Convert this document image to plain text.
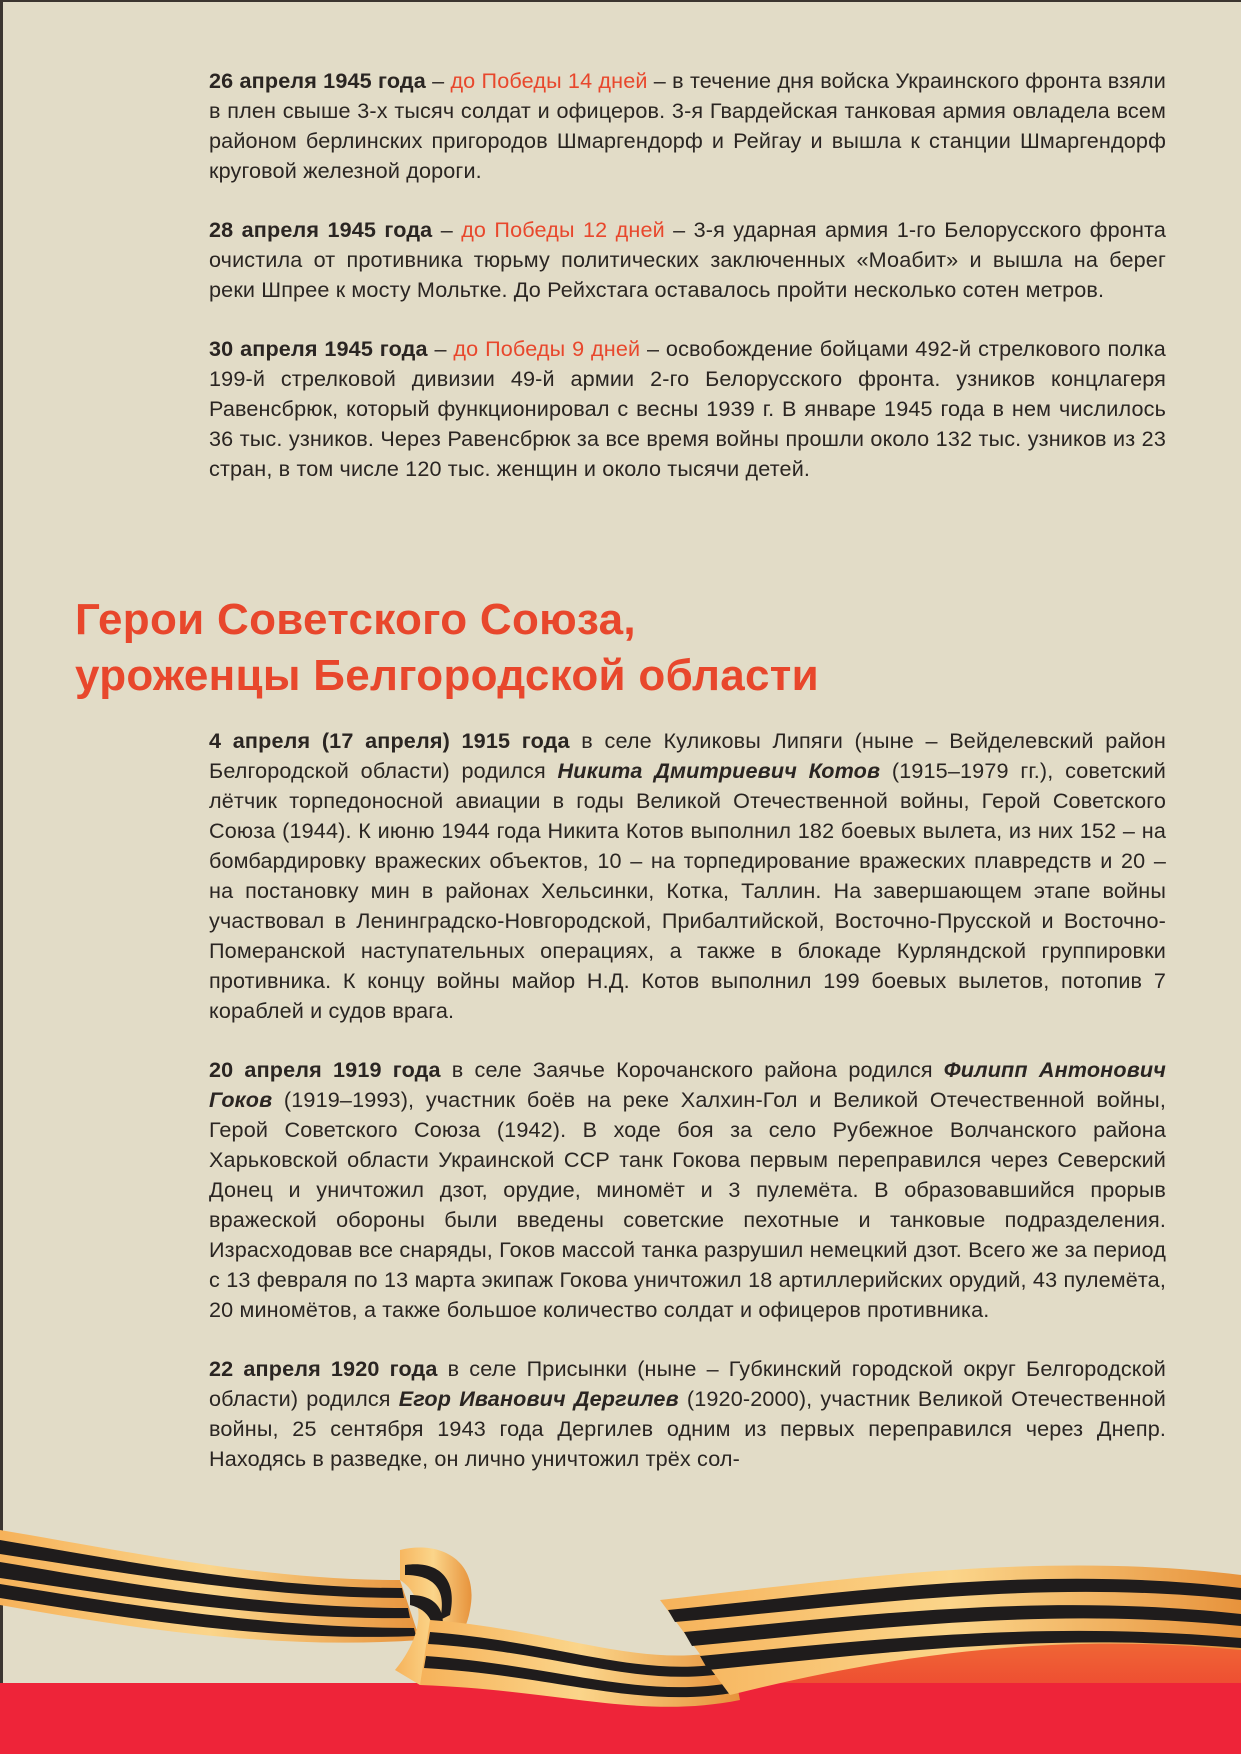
26 апреля 1945 года – до Победы 14 дней – в течение дня войска Украинского фронта взяли в плен свыше 3-х тысяч солдат и офицеров. 3-я Гвардейская танковая армия овладела всем районом берлинских пригородов Шмаргендорф и Рейгау и вышла к станции Шмаргендорф круговой железной дороги.

28 апреля 1945 года – до Победы 12 дней – 3-я ударная армия 1-го Белорусского фронта очистила от противника тюрьму политических заключенных «Моабит» и вышла на берег реки Шпрее к мосту Мольтке. До Рейхстага оставалось пройти несколько сотен метров.

30 апреля 1945 года – до Победы 9 дней – освобождение бойцами 492-й стрелкового полка 199-й стрелковой дивизии 49-й армии 2-го Белорусского фронта. узников концлагеря Равенсбрюк, который функционировал с весны 1939 г. В январе 1945 года в нем числилось 36 тыс. узников. Через Равенсбрюк за все время войны прошли около 132 тыс. узников из 23 стран, в том числе 120 тыс. женщин и около тысячи детей.

Герои Советского Союза,
уроженцы Белгородской области

4 апреля (17 апреля) 1915 года в селе Куликовы Липяги (ныне – Вейделевский район Белгородской области) родился Никита Дмитриевич Котов (1915–1979 гг.), советский лётчик торпедоносной авиации в годы Великой Отечественной войны, Герой Советского Союза (1944). К июню 1944 года Никита Котов выполнил 182 боевых вылета, из них 152 – на бомбардировку вражеских объектов, 10 – на торпедирование вражеских плавредств и 20 – на постановку мин в районах Хельсинки, Котка, Таллин. На завершающем этапе войны участвовал в Ленинградско-Новгородской, Прибалтийской, Восточно-Прусской и Восточно-Померанской наступательных операциях, а также в блокаде Курляндской группировки противника. К концу войны майор Н.Д. Котов выполнил 199 боевых вылетов, потопив 7 кораблей и судов врага.

20 апреля 1919 года в селе Заячье Корочанского района родился Филипп Антонович Гоков (1919–1993), участник боёв на реке Халхин-Гол и Великой Отечественной войны, Герой Советского Союза (1942). В ходе боя за село Рубежное Волчанского района Харьковской области Украинской ССР танк Гокова первым переправился через Северский Донец и уничтожил дзот, орудие, миномёт и 3 пулемёта. В образовавшийся прорыв вражеской обороны были введены советские пехотные и танковые подразделения. Израсходовав все снаряды, Гоков массой танка разрушил немецкий дзот. Всего же за период с 13 февраля по 13 марта экипаж Гокова уничтожил 18 артиллерийских орудий, 43 пулемёта, 20 миномётов, а также большое количество солдат и офицеров противника.

22 апреля 1920 года в селе Присынки (ныне – Губкинский городской округ Белгородской области) родился Егор Иванович Дергилев (1920-2000), участник Великой Отечественной войны, 25 сентября 1943 года Дергилев одним из первых переправился через Днепр. Находясь в разведке, он лично уничтожил трёх сол-
